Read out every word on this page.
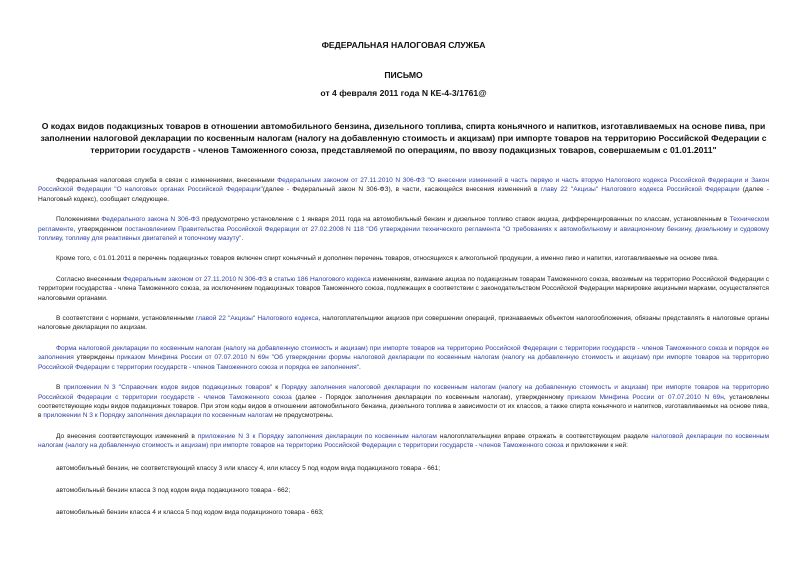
ФЕДЕРАЛЬНАЯ НАЛОГОВАЯ СЛУЖБА
ПИСЬМО
от 4 февраля 2011 года N КЕ-4-3/1761@
О кодах видов подакцизных товаров в отношении автомобильного бензина, дизельного топлива, спирта коньячного и напитков, изготавливаемых на основе пива, при заполнении налоговой декларации по косвенным налогам (налогу на добавленную стоимость и акцизам) при импорте товаров на территорию Российской Федерации с территории государств - членов Таможенного союза, представляемой по операциям, по ввозу подакцизных товаров, совершаемым с 01.01.2011"

Федеральная налоговая служба в связи с изменениями, внесенными Федеральным законом от 27.11.2010 N 306-ФЗ "О внесении изменений в часть первую и часть вторую Налогового кодекса Российской Федерации и Закон Российской Федерации "О налоговых органах Российской Федерации"(далее - Федеральный закон N 306-ФЗ), в части, касающейся внесения изменений в главу 22 "Акцизы" Налогового кодекса Российской Федерации (далее - Налоговый кодекс), сообщает следующее.

Положениями Федерального закона N 306-ФЗ предусмотрено установление с 1 января 2011 года на автомобильный бензин и дизельное топливо ставок акциза, дифференцированных по классам, установленным в Техническом регламенте, утвержденном постановлением Правительства Российской Федерации от 27.02.2008 N 118 "Об утверждении технического регламента "О требованиях к автомобильному и авиационному бензину, дизельному и судовому топливу, топливу для реактивных двигателей и топочному мазуту".

Кроме того, с 01.01.2011 в перечень подакцизных товаров включен спирт коньячный и дополнен перечень товаров, относящихся к алкогольной продукции, а именно пиво и напитки, изготавливаемые на основе пива.

Согласно внесенным Федеральным законом от 27.11.2010 N 306-ФЗ в статью 186 Налогового кодекса изменениям, взимание акциза по подакцизным товарам Таможенного союза, ввозимым на территорию Российской Федерации с территории государства - члена Таможенного союза, за исключением подакцизных товаров Таможенного союза, подлежащих в соответствии с законодательством Российской Федерации маркировке акцизными марками, осуществляется налоговыми органами.

В соответствии с нормами, установленными главой 22 "Акцизы" Налогового кодекса, налогоплательщики акцизов при совершении операций, признаваемых объектом налогообложения, обязаны представлять в налоговые органы налоговые декларации по акцизам.

Форма налоговой декларации по косвенным налогам (налогу на добавленную стоимость и акцизам) при импорте товаров на территорию Российской Федерации с территории государств - членов Таможенного союза и порядок ее заполнения утверждены приказом Минфина России от 07.07.2010 N 69н "Об утверждении формы налоговой декларации по косвенным налогам (налогу на добавленную стоимость и акцизам) при импорте товаров на территорию Российской Федерации с территории государств - членов Таможенного союза и порядка ее заполнения".

В приложении N 3 "Справочник кодов видов подакцизных товаров" к Порядку заполнения налоговой декларации по косвенным налогам (налогу на добавленную стоимость и акцизам) при импорте товаров на территорию Российской Федерации с территории государств - членов Таможенного союза (далее - Порядок заполнения декларации по косвенным налогам), утвержденному приказом Минфина России от 07.07.2010 N 69н, установлены соответствующие коды видов подакцизных товаров. При этом коды видов в отношении автомобильного бензина, дизельного топлива в зависимости от их классов, а также спирта коньячного и напитков, изготавливаемых на основе пива, в приложении N 3 к Порядку заполнения декларации по косвенным налогам не предусмотрены.

До внесения соответствующих изменений в приложение N 3 к Порядку заполнения декларации по косвенным налогам налогоплательщики вправе отражать в соответствующем разделе налоговой декларации по косвенным налогам (налогу на добавленную стоимость и акцизам) при импорте товаров на территорию Российской Федерации с территории государств - членов Таможенного союза и приложении к ней:

автомобильный бензин, не соответствующий классу 3 или классу 4, или классу 5 под кодом вида подакцизного товара - 661;
автомобильный бензин класса 3 под кодом вида подакцизного товара - 662;
автомобильный бензин класса 4 и класса 5 под кодом вида подакцизного товара - 663;
